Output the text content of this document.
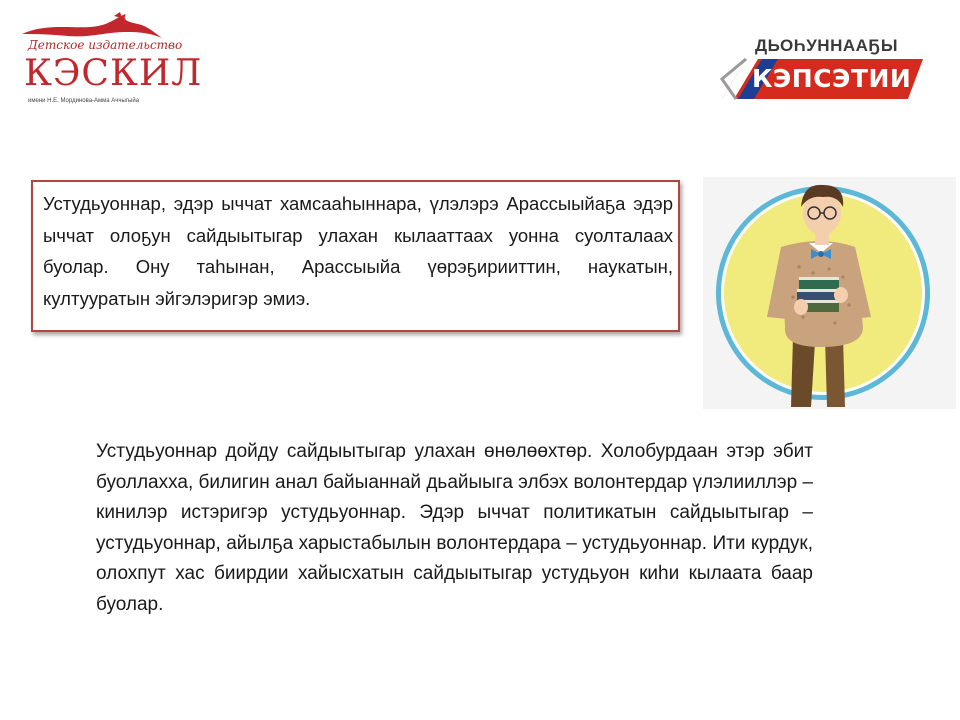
Детское издательство
КЭСКИЛ
имени Н.Е. Мординова-Амма Аччыгыйа
ДЬОҺУННААҔЫ
КЭПСЭТИИ

Устудьуоннар, эдэр ыччат хамсааһыннара, үлэлэрэ Арассыыйаҕа эдэр ыччат олоҕун сайдыытыгар улахан кылааттаах уонна суолталаах буолар. Ону таһынан, Арассыыйа үөрэҕирииттин, наукатын, култууратын эйгэлэригэр эмиэ.

Устудьуоннар дойду сайдыытыгар улахан өнөлөөхтөр. Холобурдаан этэр эбит буоллахха, билигин анал байыаннай дьайыыга элбэх волонтердар үлэлииллэр – кинилэр истэригэр устудьуоннар. Эдэр ыччат политикатын сайдыытыгар – устудьуоннар, айылҕа харыстабылын волонтердара – устудьуоннар. Ити курдук, олохпут хас биирдии хайысхатын сайдыытыгар устудьуон киһи кылаата баар буолар.
